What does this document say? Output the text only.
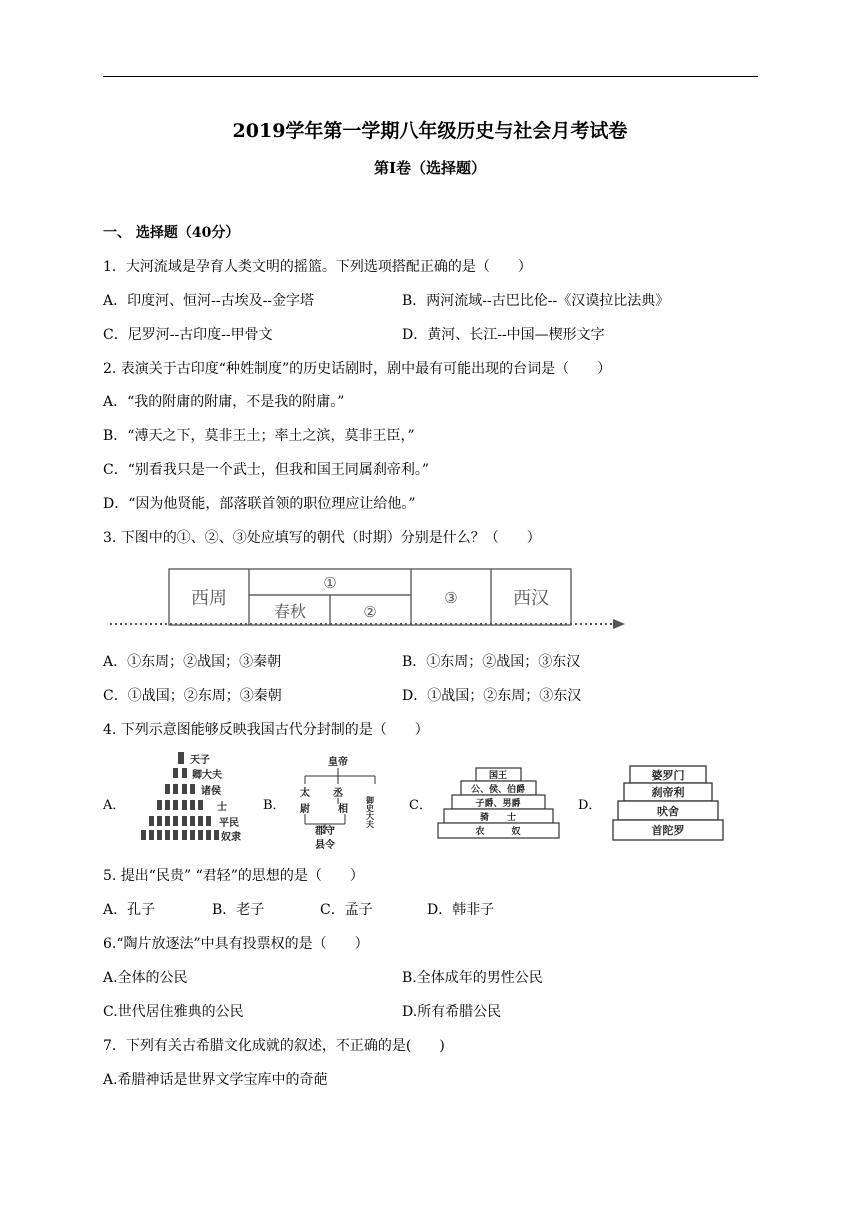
2019学年第一学期八年级历史与社会月考试卷
第Ⅰ卷（选择题）
一、 选择题（40分）
1．大河流域是孕育人类文明的摇篮。下列选项搭配正确的是（　　）
A．印度河、恒河--古埃及--金字塔	B．两河流域--古巴比伦--《汉谟拉比法典》
C．尼罗河--古印度--甲骨文	D．黄河、长江--中国—楔形文字
2. 表演关于古印度“种姓制度”的历史话剧时，剧中最有可能出现的台词是（　　）
A．“我的附庸的附庸，不是我的附庸。”
B．“溥天之下，莫非王土；率土之滨，莫非王臣，”
C．“别看我只是一个武士，但我和国王同属刹帝利。”
D．“因为他贤能，部落联首领的职位理应让给他。”
3. 下图中的①、②、③处应填写的朝代（时期）分别是什么？（　　）
西周
①
春秋	②
③	西汉
A．①东周；②战国；③秦朝	B．①东周；②战国；③东汉
C．①战国；②东周；③秦朝	D．①战国；②东周；③东汉
4. 下列示意图能够反映我国古代分封制的是（　　）
A．
天子
卿大夫
诸侯
士
平民
奴隶
B．
皇帝
太 丞
御史大夫
尉	相
郡守
县令
C．
国王
公、侯、伯爵
子爵、男爵
骑　　士
农　　　奴
D．
婆罗门
刹帝利
吠舍
首陀罗
5. 提出“民贵” “君轻”的思想的是（　　）
A．孔子	B．老子	C．孟子	D．韩非子
6.“陶片放逐法”中具有投票权的是（　　）
A.全体的公民	B.全体成年的男性公民
C.世代居住雅典的公民	D.所有希腊公民
7．下列有关古希腊文化成就的叙述，不正确的是(　　)
A.希腊神话是世界文学宝库中的奇葩
